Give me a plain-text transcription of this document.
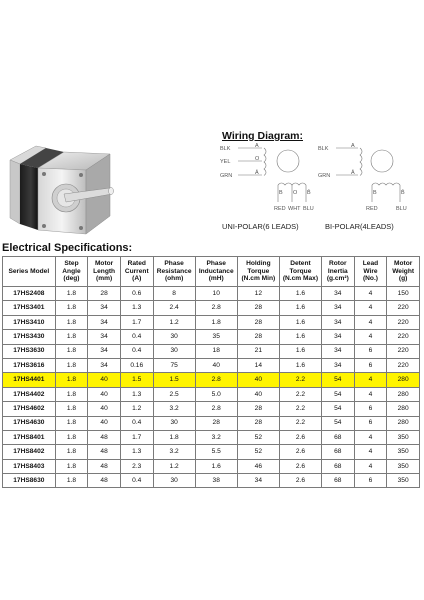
Wiring Diagram:
BLK
YEL
GRN
A
O
Ā
B O B̄
RED WHT BLU
BLK
GRN
A
Ā
B	B̄
RED	BLU
UNI-POLAR(6 LEADS)	BI-POLAR(4LEADS)
Electrical Specifications:
Series Model	Step Angle (deg)	Motor Length (mm)	Rated Current (A)	Phase Resistance (ohm)	Phase Inductance (mH)	Holding Torque (N.cm Min)	Detent Torque (N.cm Max)	Rotor Inertia (g.cm²)	Lead Wire (No.)	Motor Weight (g)
17HS2408	1.8	28	0.6	8	10	12	1.6	34	4	150
17HS3401	1.8	34	1.3	2.4	2.8	28	1.6	34	4	220
17HS3410	1.8	34	1.7	1.2	1.8	28	1.6	34	4	220
17HS3430	1.8	34	0.4	30	35	28	1.6	34	4	220
17HS3630	1.8	34	0.4	30	18	21	1.6	34	6	220
17HS3616	1.8	34	0.16	75	40	14	1.6	34	6	220
17HS4401	1.8	40	1.5	1.5	2.8	40	2.2	54	4	280
17HS4402	1.8	40	1.3	2.5	5.0	40	2.2	54	4	280
17HS4602	1.8	40	1.2	3.2	2.8	28	2.2	54	6	280
17HS4630	1.8	40	0.4	30	28	28	2.2	54	6	280
17HS8401	1.8	48	1.7	1.8	3.2	52	2.6	68	4	350
17HS8402	1.8	48	1.3	3.2	5.5	52	2.6	68	4	350
17HS8403	1.8	48	2.3	1.2	1.6	46	2.6	68	4	350
17HS8630	1.8	48	0.4	30	38	34	2.6	68	6	350
